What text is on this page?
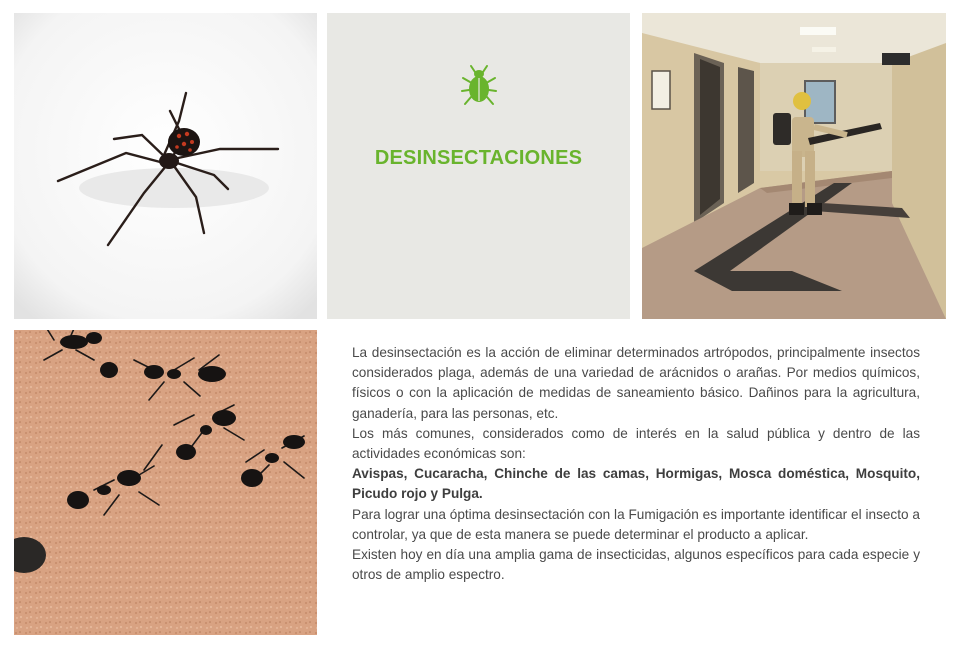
DESINSECTACIONES

La desinsectación es la acción de eliminar determinados artrópodos, principalmente insectos considerados plaga, además de una variedad de arácnidos o arañas. Por medios químicos, físicos o con la aplicación de medidas de saneamiento básico. Dañinos para la agricultura, ganadería, para las personas, etc.

Los más comunes, considerados como de interés en la salud pública y dentro de las actividades económicas son:

Avispas, Cucaracha, Chinche de las camas, Hormigas, Mosca doméstica, Mosquito, Picudo rojo y Pulga.

Para lograr una óptima desinsectación con la Fumigación es importante identificar el insecto a controlar, ya que de esta manera se puede determinar el producto a aplicar.

Existen hoy en día una amplia gama de insecticidas, algunos específicos para cada especie y otros de amplio espectro.
